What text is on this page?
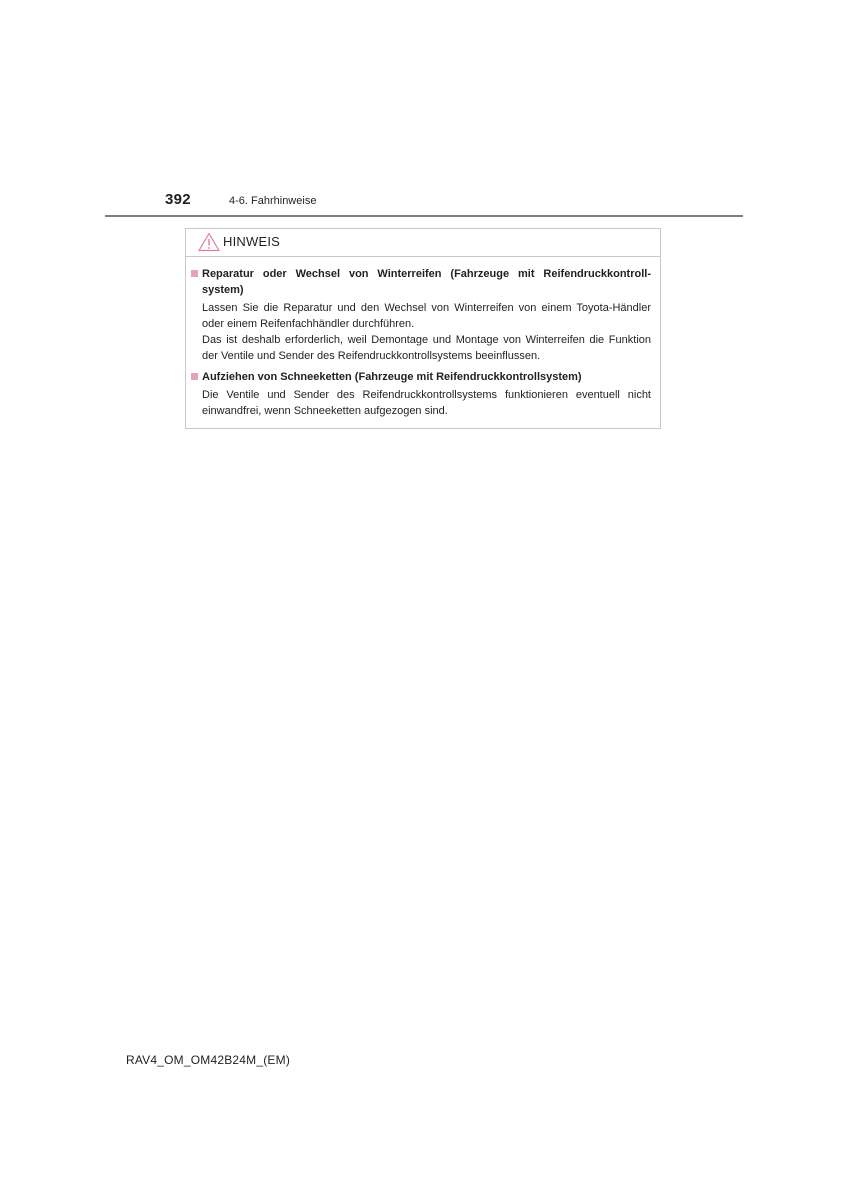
392	4-6. Fahrhinweise
HINWEIS
Reparatur oder Wechsel von Winterreifen (Fahrzeuge mit Reifendruckkontroll-system)

Lassen Sie die Reparatur und den Wechsel von Winterreifen von einem Toyota-Händler oder einem Reifenfachhändler durchführen.

Das ist deshalb erforderlich, weil Demontage und Montage von Winterreifen die Funktion der Ventile und Sender des Reifendruckkontrollsystems beeinflussen.

Aufziehen von Schneeketten (Fahrzeuge mit Reifendruckkontrollsystem)

Die Ventile und Sender des Reifendruckkontrollsystems funktionieren eventuell nicht einwandfrei, wenn Schneeketten aufgezogen sind.

RAV4_OM_OM42B24M_(EM)
